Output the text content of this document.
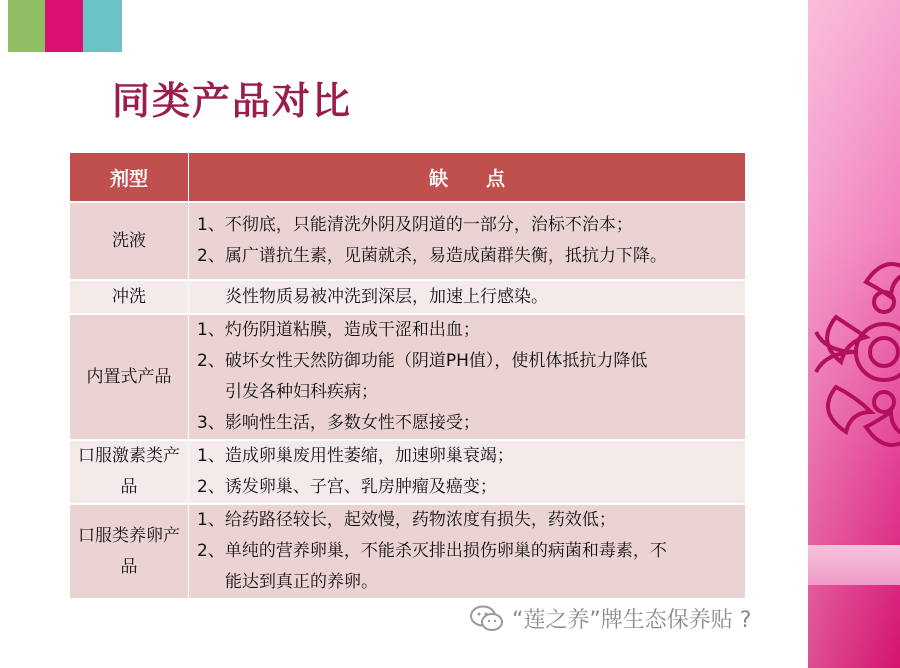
同类产品对比
剂型	缺　　点
洗液	1、不彻底，只能清洗外阴及阴道的一部分，治标不治本；
2、属广谱抗生素，见菌就杀，易造成菌群失衡，抵抗力下降。

冲洗	炎性物质易被冲洗到深层，加速上行感染。

内置式产品	1、灼伤阴道粘膜，造成干涩和出血；
2、破坏女性天然防御功能（阴道PH值），使机体抵抗力降低
引发各种妇科疾病；
3、影响性生活，多数女性不愿接受；

口服激素类产品	1、造成卵巢废用性萎缩，加速卵巢衰竭；
2、诱发卵巢、子宫、乳房肿瘤及癌变；

口服类养卵产品	1、给药路径较长，起效慢，药物浓度有损失，药效低；
2、单纯的营养卵巢，不能杀灭排出损伤卵巢的病菌和毒素，不
能达到真正的养卵。
“莲之养”牌生态保养贴 ?
